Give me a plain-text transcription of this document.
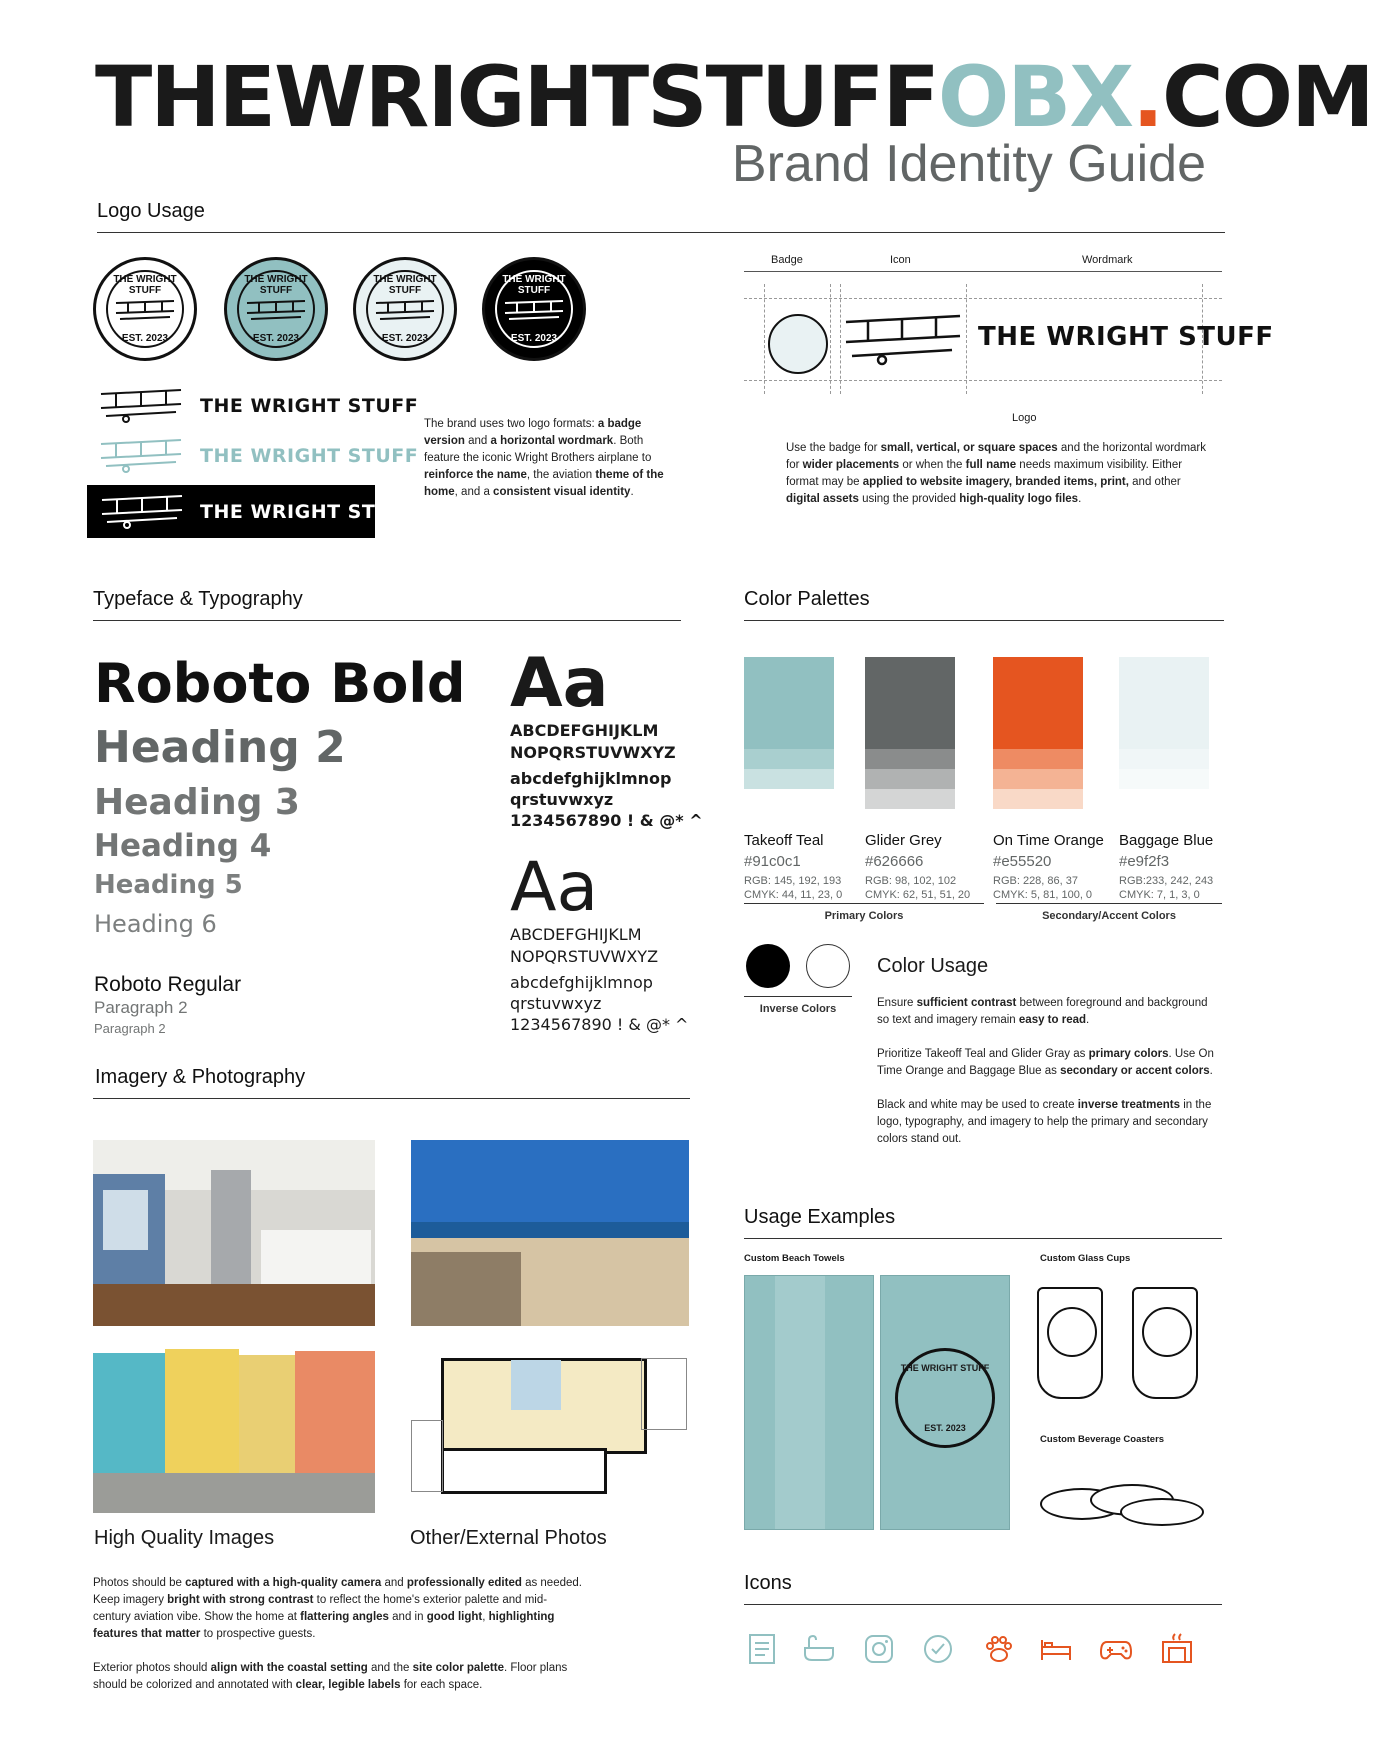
THEWRIGHTSTUFFOBX.COM
Brand Identity Guide
Logo Usage
THE WRIGHT STUFF
EST. 2023
THE WRIGHT STUFF
EST. 2023
THE WRIGHT STUFF
EST. 2023
THE WRIGHT STUFF
EST. 2023
THE WRIGHT STUFF
THE WRIGHT STUFF
THE WRIGHT STUFF
The brand uses two logo formats: a badge version and a horizontal wordmark. Both feature the iconic Wright Brothers airplane to reinforce the name, the aviation theme of the home, and a consistent visual identity.
Badge	Icon	Wordmark
THE WRIGHT STUFF
Logo
Use the badge for small, vertical, or square spaces and the horizontal wordmark for wider placements or when the full name needs maximum visibility. Either format may be applied to website imagery, branded items, print, and other digital assets using the provided high-quality logo files.
Typeface & Typography
Roboto Bold
Heading 2
Heading 3
Heading 4
Heading 5
Heading 6
Roboto Regular
Paragraph 2
Paragraph 2
Aa
ABCDEFGHIJKLM
NOPQRSTUVWXYZ
abcdefghijklmnop
qrstuvwxyz
1234567890 ! & @* ^
Aa
ABCDEFGHIJKLM
NOPQRSTUVWXYZ
abcdefghijklmnop
qrstuvwxyz
1234567890 ! & @* ^
Color Palettes
Takeoff Teal
#91c0c1
RGB: 145, 192, 193
CMYK: 44, 11, 23, 0
Glider Grey
#626666
RGB: 98, 102, 102
CMYK: 62, 51, 51, 20
On Time Orange
#e55520
RGB: 228, 86, 37
CMYK: 5, 81, 100, 0
Baggage Blue
#e9f2f3
RGB:233, 242, 243
CMYK: 7, 1, 3, 0
Primary Colors	Secondary/Accent Colors
Inverse Colors
Color Usage

Ensure sufficient contrast between foreground and background so text and imagery remain easy to read.

Prioritize Takeoff Teal and Glider Gray as primary colors. Use On Time Orange and Baggage Blue as secondary or accent colors.

Black and white may be used to create inverse treatments in the logo, typography, and imagery to help the primary and secondary colors stand out.

Imagery & Photography
High Quality Images	Other/External Photos

Photos should be captured with a high-quality camera and professionally edited as needed. Keep imagery bright with strong contrast to reflect the home's exterior palette and mid-century aviation vibe. Show the home at flattering angles and in good light, highlighting features that matter to prospective guests.

Exterior photos should align with the coastal setting and the site color palette. Floor plans should be colorized and annotated with clear, legible labels for each space.

Usage Examples
Custom Beach Towels
THE WRIGHT STUFF
EST. 2023
Custom Glass Cups
Custom Beverage Coasters
Icons
